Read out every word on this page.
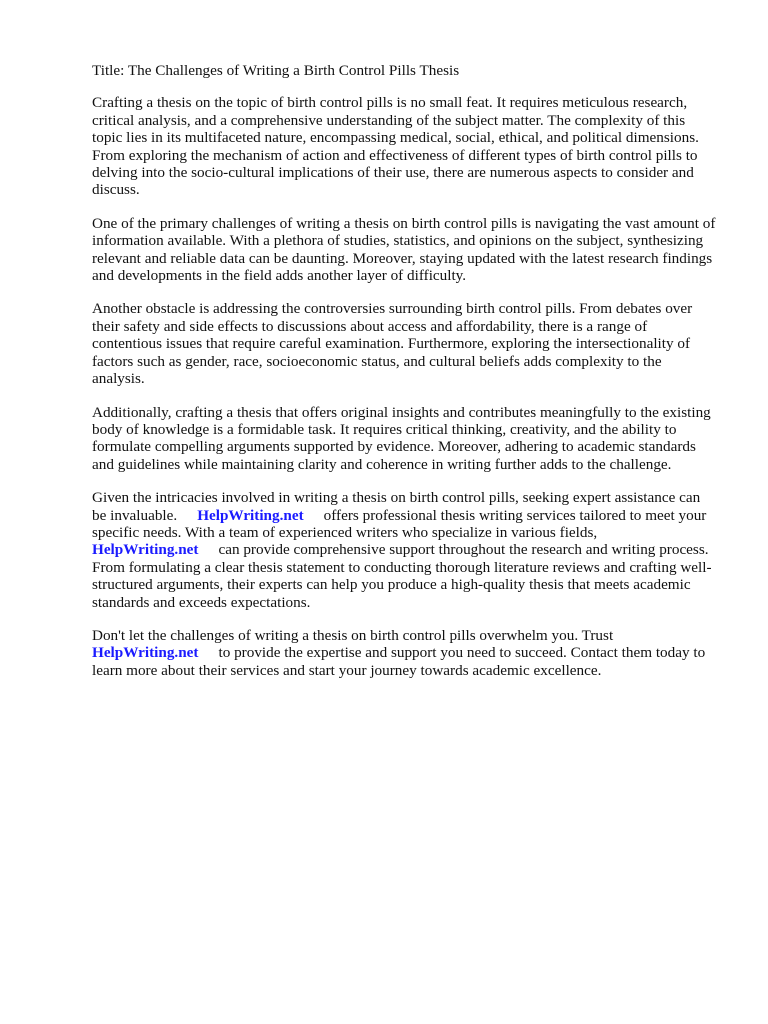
Title: The Challenges of Writing a Birth Control Pills Thesis

Crafting a thesis on the topic of birth control pills is no small feat. It requires meticulous research, critical analysis, and a comprehensive understanding of the subject matter. The complexity of this topic lies in its multifaceted nature, encompassing medical, social, ethical, and political dimensions. From exploring the mechanism of action and effectiveness of different types of birth control pills to delving into the socio-cultural implications of their use, there are numerous aspects to consider and discuss.

One of the primary challenges of writing a thesis on birth control pills is navigating the vast amount of information available. With a plethora of studies, statistics, and opinions on the subject, synthesizing relevant and reliable data can be daunting. Moreover, staying updated with the latest research findings and developments in the field adds another layer of difficulty.

Another obstacle is addressing the controversies surrounding birth control pills. From debates over their safety and side effects to discussions about access and affordability, there is a range of contentious issues that require careful examination. Furthermore, exploring the intersectionality of factors such as gender, race, socioeconomic status, and cultural beliefs adds complexity to the analysis.

Additionally, crafting a thesis that offers original insights and contributes meaningfully to the existing body of knowledge is a formidable task. It requires critical thinking, creativity, and the ability to formulate compelling arguments supported by evidence. Moreover, adhering to academic standards and guidelines while maintaining clarity and coherence in writing further adds to the challenge.

Given the intricacies involved in writing a thesis on birth control pills, seeking expert assistance can be invaluable. HelpWriting.net offers professional thesis writing services tailored to meet your specific needs. With a team of experienced writers who specialize in various fields,
HelpWriting.net can provide comprehensive support throughout the research and writing process. From formulating a clear thesis statement to conducting thorough literature reviews and crafting well-structured arguments, their experts can help you produce a high-quality thesis that meets academic standards and exceeds expectations.

Don't let the challenges of writing a thesis on birth control pills overwhelm you. Trust
HelpWriting.net to provide the expertise and support you need to succeed. Contact them today to learn more about their services and start your journey towards academic excellence.
